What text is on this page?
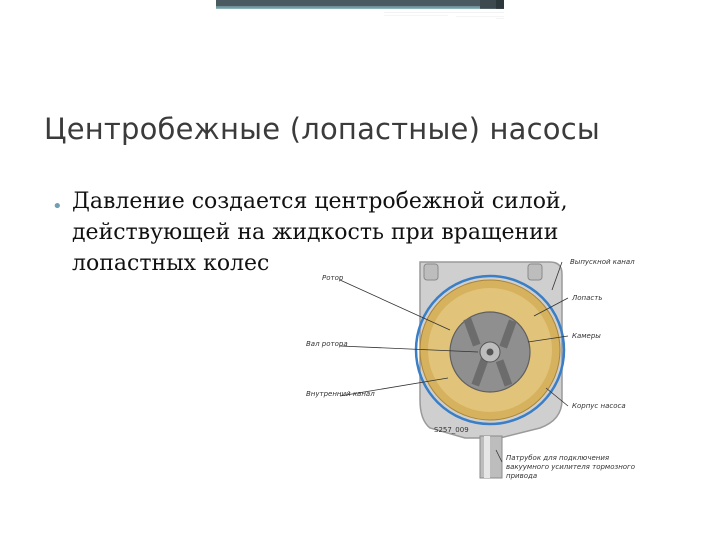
Центробежные (лопастные) насосы
• Давление создается центробежной силой,
действующей на жидкость при вращении
лопастных колес
Ротор
Вал ротора
Внутренний канал
Выпускной канал
Лопасть
Камеры
Корпус насоса
S257_009
Патрубок для подключения
вакуумного усилителя тормозного
привода
